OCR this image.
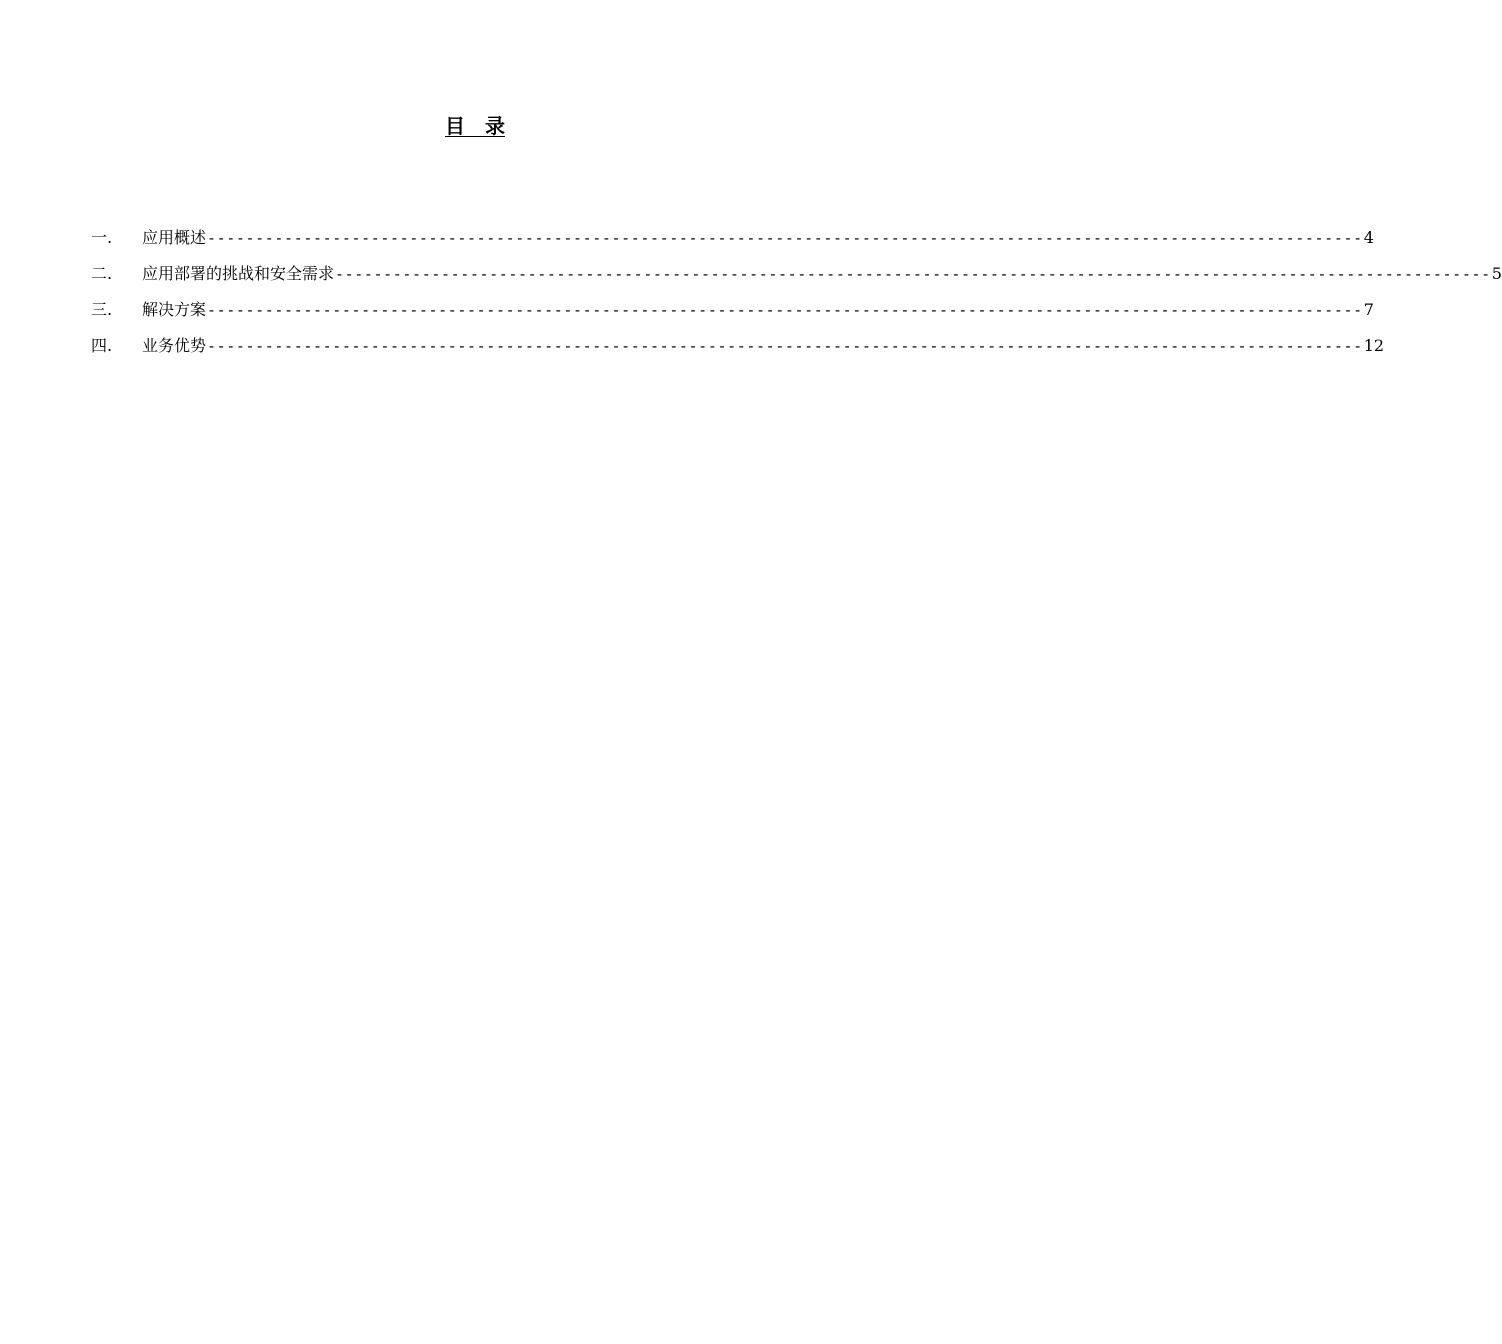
目　录
一.	应用概述 ------------------------------------------------------------------------------------------------------------------------ 4
二.	应用部署的挑战和安全需求 ------------------------------------------------------------------------------------------------------------------------ 5
三.	解决方案 ------------------------------------------------------------------------------------------------------------------------ 7
四.	业务优势 ------------------------------------------------------------------------------------------------------------------------ 12
